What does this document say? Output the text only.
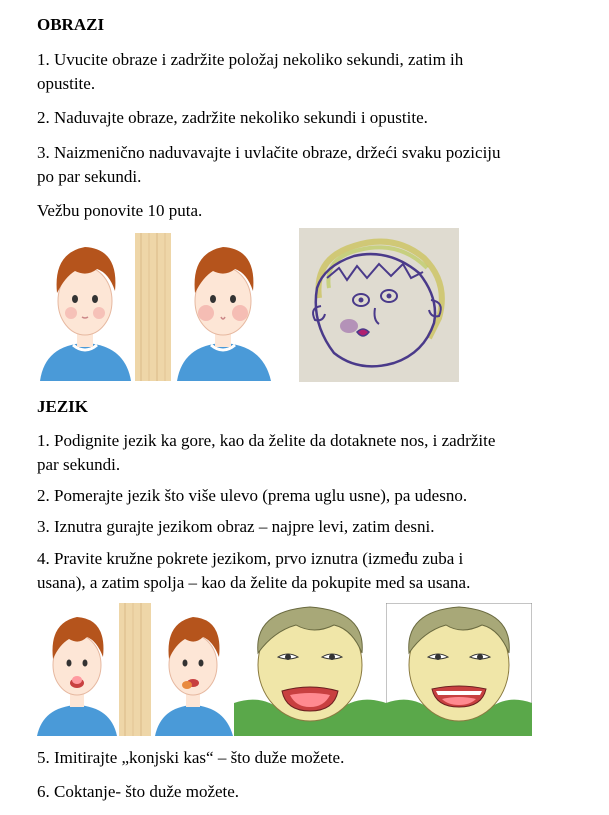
OBRAZI
1. Uvucite obraze i zadržite položaj nekoliko sekundi, zatim ih
opustite.
2. Naduvajte obraze, zadržite nekoliko sekundi i opustite.
3. Naizmenično naduvavajte i uvlačite obraze, držeći svaku poziciju
po par sekundi.
Vežbu ponovite 10 puta.
JEZIK
1. Podignite jezik ka gore, kao da želite da dotaknete nos, i zadržite
par sekundi.
2. Pomerajte jezik što više ulevo (prema uglu usne), pa udesno.
3. Iznutra gurajte jezikom obraz – najpre levi, zatim desni.
4. Pravite kružne pokrete jezikom, prvo iznutra (između zuba i
usana), a zatim spolja – kao da želite da pokupite med sa usana.
5. Imitirajte „konjski kas“ – što duže možete.
6. Coktanje- što duže možete.
